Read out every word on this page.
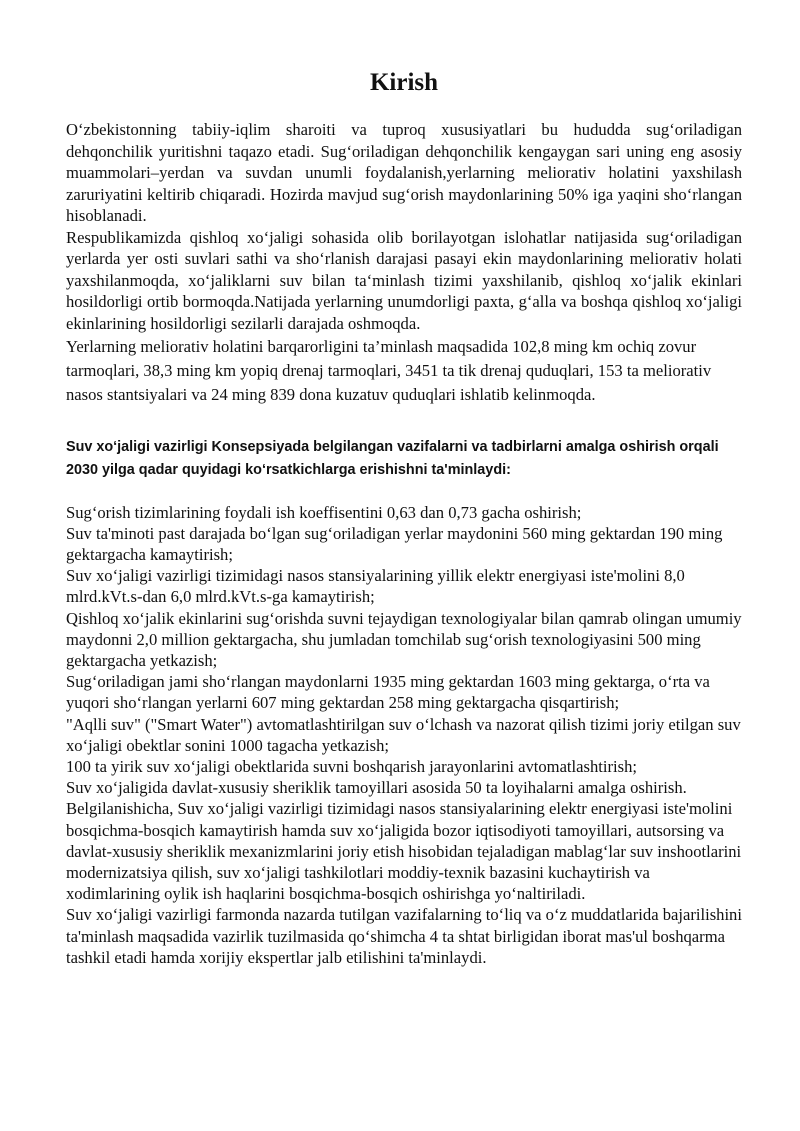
Kirish

O‘zbekistonning tabiiy-iqlim sharoiti va tuproq xususiyatlari bu hududda sug‘oriladigan dehqonchilik yuritishni taqazo etadi. Sug‘oriladigan dehqonchilik kengaygan sari uning eng asosiy muammolari–yerdan va suvdan unumli foydalanish,yerlarning meliorativ holatini yaxshilash zaruriyatini keltirib chiqaradi. Hozirda mavjud sug‘orish maydonlarining 50% iga yaqini sho‘rlangan hisoblanadi.

Respublikamizda qishloq xo‘jaligi sohasida olib borilayotgan islohatlar natijasida sug‘oriladigan yerlarda yer osti suvlari sathi va sho‘rlanish darajasi pasayi ekin maydonlarining meliorativ holati yaxshilanmoqda, xo‘jaliklarni suv bilan ta‘minlash tizimi yaxshilanib, qishloq xo‘jalik ekinlari hosildorligi ortib bormoqda.Natijada yerlarning unumdorligi paxta, g‘alla va boshqa qishloq xo‘jaligi ekinlarining hosildorligi sezilarli darajada oshmoqda.

Yerlarning meliorativ holatini barqarorligini ta’minlash maqsadida 102,8 ming km ochiq zovur tarmoqlari, 38,3 ming km yopiq drenaj tarmoqlari, 3451 ta tik drenaj quduqlari, 153 ta meliorativ nasos stantsiyalari va 24 ming 839 dona kuzatuv quduqlari ishlatib kelinmoqda.

Suv xo‘jaligi vazirligi Konsepsiyada belgilangan vazifalarni va tadbirlarni amalga oshirish orqali 2030 yilga qadar quyidagi ko‘rsatkichlarga erishishni ta'minlaydi:

Sug‘orish tizimlarining foydali ish koeffisentini 0,63 dan 0,73 gacha oshirish;

Suv ta'minoti past darajada bo‘lgan sug‘oriladigan yerlar maydonini 560 ming gektardan 190 ming gektargacha kamaytirish;

Suv xo‘jaligi vazirligi tizimidagi nasos stansiyalarining yillik elektr energiyasi iste'molini 8,0 mlrd.kVt.s-dan 6,0 mlrd.kVt.s-ga kamaytirish;

Qishloq xo‘jalik ekinlarini sug‘orishda suvni tejaydigan texnologiyalar bilan qamrab olingan umumiy maydonni 2,0 million gektargacha, shu jumladan tomchilab sug‘orish texnologiyasini 500 ming gektargacha yetkazish;

Sug‘oriladigan jami sho‘rlangan maydonlarni 1935 ming gektardan 1603 ming gektarga, o‘rta va yuqori sho‘rlangan yerlarni 607 ming gektardan 258 ming gektargacha qisqartirish;

"Aqlli suv" ("Smart Water") avtomatlashtirilgan suv o‘lchash va nazorat qilish tizimi joriy etilgan suv xo‘jaligi obektlar sonini 1000 tagacha yetkazish;

100 ta yirik suv xo‘jaligi obektlarida suvni boshqarish jarayonlarini avtomatlashtirish;

Suv xo‘jaligida davlat-xususiy sheriklik tamoyillari asosida 50 ta loyihalarni amalga oshirish.

Belgilanishicha, Suv xo‘jaligi vazirligi tizimidagi nasos stansiyalarining elektr energiyasi iste'molini bosqichma-bosqich kamaytirish hamda suv xo‘jaligida bozor iqtisodiyoti tamoyillari, autsorsing va davlat-xususiy sheriklik mexanizmlarini joriy etish hisobidan tejaladigan mablag‘lar suv inshootlarini modernizatsiya qilish, suv xo‘jaligi tashkilotlari moddiy-texnik bazasini kuchaytirish va xodimlarining oylik ish haqlarini bosqichma-bosqich oshirishga yo‘naltiriladi.

Suv xo‘jaligi vazirligi farmonda nazarda tutilgan vazifalarning to‘liq va o‘z muddatlarida bajarilishini ta'minlash maqsadida vazirlik tuzilmasida qo‘shimcha 4 ta shtat birligidan iborat mas'ul boshqarma tashkil etadi hamda xorijiy ekspertlar jalb etilishini ta'minlaydi.
